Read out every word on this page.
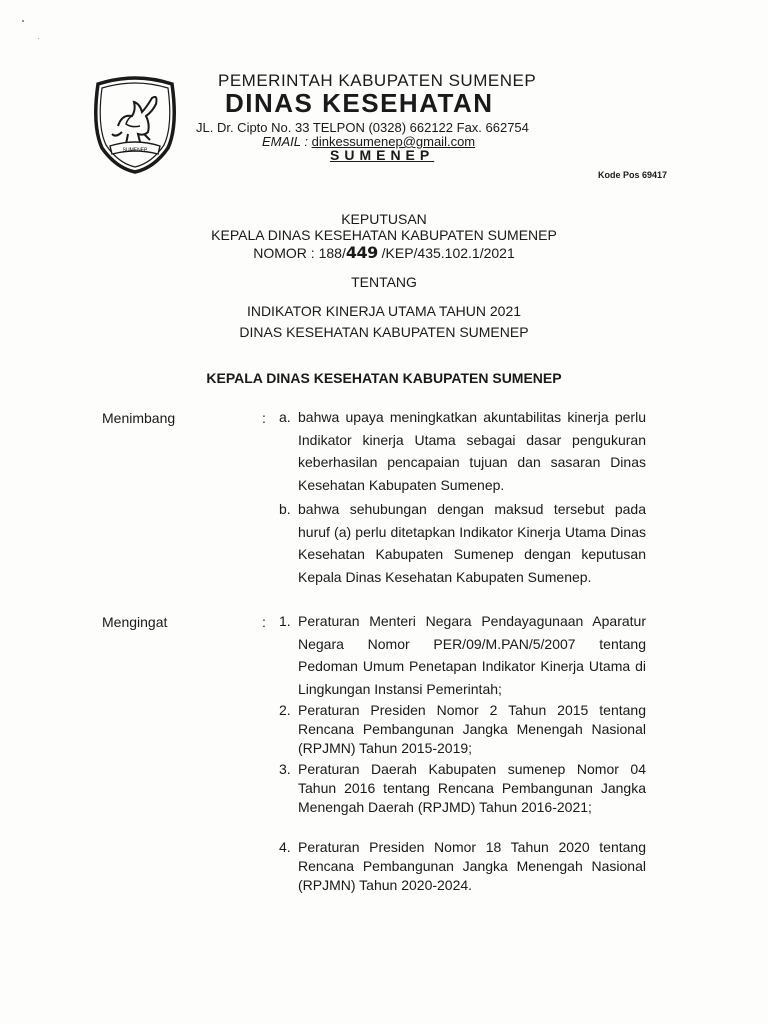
SUMENEP
PEMERINTAH KABUPATEN SUMENEP
DINAS KESEHATAN
JL. Dr. Cipto No. 33 TELPON (0328) 662122 Fax. 662754
EMAIL : dinkessumenep@gmail.com
SUMENEP
Kode Pos 69417
KEPUTUSAN
KEPALA DINAS KESEHATAN KABUPATEN SUMENEP
NOMOR : 188/449 /KEP/435.102.1/2021
TENTANG
INDIKATOR KINERJA UTAMA TAHUN 2021
DINAS KESEHATAN KABUPATEN SUMENEP
KEPALA DINAS KESEHATAN KABUPATEN SUMENEP
Menimbang	: a. bahwa upaya meningkatkan akuntabilitas kinerja perlu Indikator kinerja Utama sebagai dasar pengukuran keberhasilan pencapaian tujuan dan sasaran Dinas Kesehatan Kabupaten Sumenep.
b. bahwa sehubungan dengan maksud tersebut pada huruf (a) perlu ditetapkan Indikator Kinerja Utama Dinas Kesehatan Kabupaten Sumenep dengan keputusan Kepala Dinas Kesehatan Kabupaten Sumenep.
Mengingat	: 1. Peraturan Menteri Negara Pendayagunaan Aparatur Negara Nomor PER/09/M.PAN/5/2007 tentang Pedoman Umum Penetapan Indikator Kinerja Utama di Lingkungan Instansi Pemerintah;
2. Peraturan Presiden Nomor 2 Tahun 2015 tentang Rencana Pembangunan Jangka Menengah Nasional (RPJMN) Tahun 2015-2019;
3. Peraturan Daerah Kabupaten sumenep Nomor 04 Tahun 2016 tentang Rencana Pembangunan Jangka Menengah Daerah (RPJMD) Tahun 2016-2021;
4. Peraturan Presiden Nomor 18 Tahun 2020 tentang Rencana Pembangunan Jangka Menengah Nasional (RPJMN) Tahun 2020-2024.
